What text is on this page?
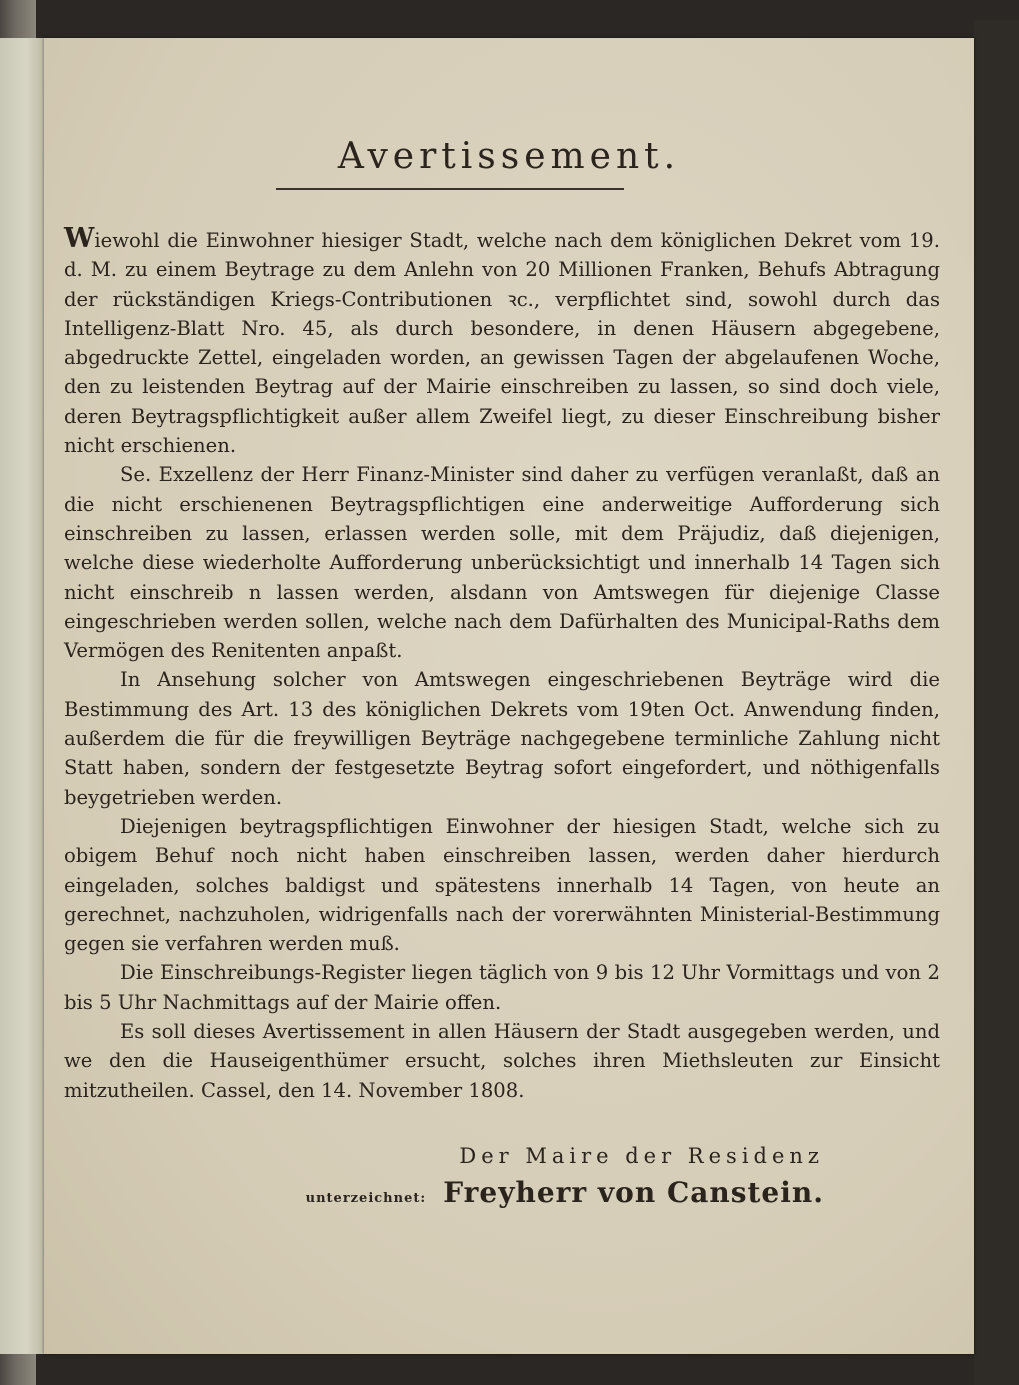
Avertissement.

Wiewohl die Einwohner hiesiger Stadt, welche nach dem königlichen Dekret vom 19. d. M. zu einem Beytrage zu dem Anlehn von 20 Millionen Franken, Behufs Abtragung der rückständigen Kriegs-Contributionen ꝛc., verpflichtet sind, sowohl durch das Intelligenz-Blatt Nro. 45, als durch besondere, in denen Häusern abgegebene, abgedruckte Zettel, eingeladen worden, an gewissen Tagen der abgelaufenen Woche, den zu leistenden Beytrag auf der Mairie einschreiben zu lassen, so sind doch viele, deren Beytragspflichtigkeit außer allem Zweifel liegt, zu dieser Einschreibung bisher nicht erschienen.

Se. Exzellenz der Herr Finanz-Minister sind daher zu verfügen veranlaßt, daß an die nicht erschienenen Beytragspflichtigen eine anderweitige Aufforderung sich einschreiben zu lassen, erlassen werden solle, mit dem Präjudiz, daß diejenigen, welche diese wiederholte Aufforderung unberücksichtigt und innerhalb 14 Tagen sich nicht einschreib n lassen werden, alsdann von Amtswegen für diejenige Classe eingeschrieben werden sollen, welche nach dem Dafürhalten des Municipal-Raths dem Vermögen des Renitenten anpaßt.

In Ansehung solcher von Amtswegen eingeschriebenen Beyträge wird die Bestimmung des Art. 13 des königlichen Dekrets vom 19ten Oct. Anwendung finden, außerdem die für die freywilligen Beyträge nachgegebene terminliche Zahlung nicht Statt haben, sondern der festgesetzte Beytrag sofort eingefordert, und nöthigenfalls beygetrieben werden.

Diejenigen beytragspflichtigen Einwohner der hiesigen Stadt, welche sich zu obigem Behuf noch nicht haben einschreiben lassen, werden daher hierdurch eingeladen, solches baldigst und spätestens innerhalb 14 Tagen, von heute an gerechnet, nachzuholen, widrigenfalls nach der vorerwähnten Ministerial-Bestimmung gegen sie verfahren werden muß.

Die Einschreibungs-Register liegen täglich von 9 bis 12 Uhr Vormittags und von 2 bis 5 Uhr Nachmittags auf der Mairie offen.

Es soll dieses Avertissement in allen Häusern der Stadt ausgegeben werden, und we den die Hauseigenthümer ersucht, solches ihren Miethsleuten zur Einsicht mitzutheilen. Cassel, den 14. November 1808.

Der Maire der Residenz
unterzeichnet: Freyherr von Canstein.
